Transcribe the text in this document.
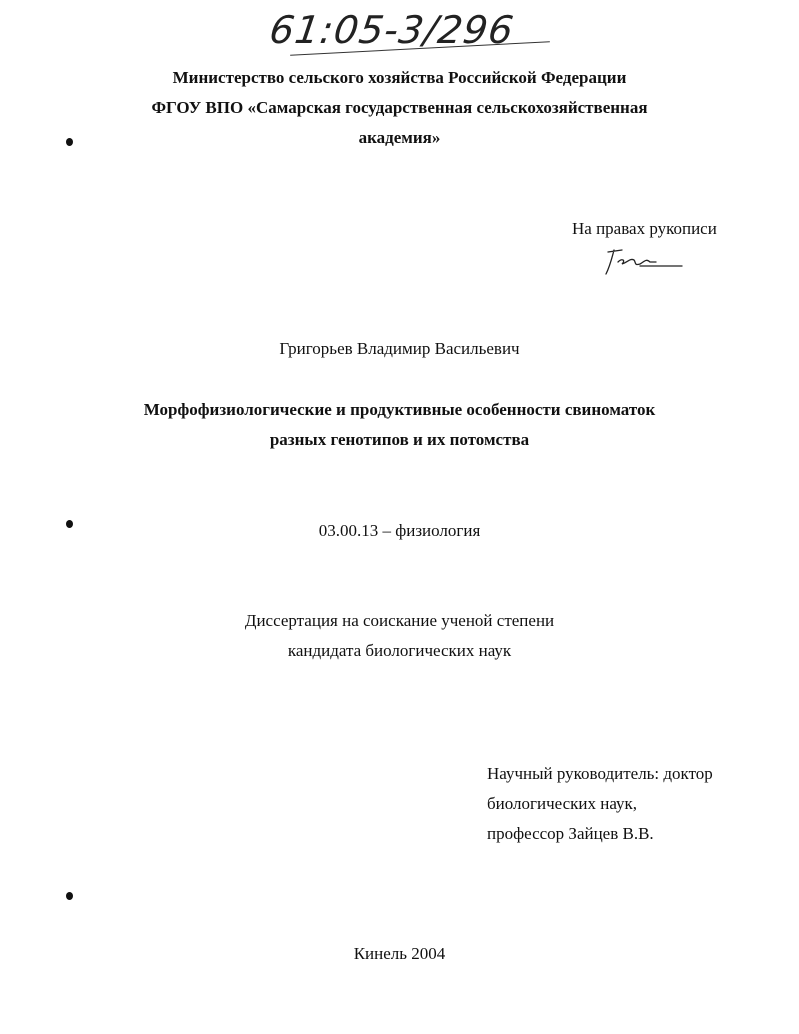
61:05-3/296
Министерство сельского хозяйства Российской Федерации
ФГОУ ВПО «Самарская государственная сельскохозяйственная
академия»
На правах рукописи
Григорьев Владимир Васильевич
Морфофизиологические и продуктивные особенности свиноматок
разных генотипов и их потомства
03.00.13 – физиология
Диссертация на соискание ученой степени
кандидата биологических наук
Научный руководитель: доктор
биологических наук,
профессор Зайцев В.В.
Кинель 2004
